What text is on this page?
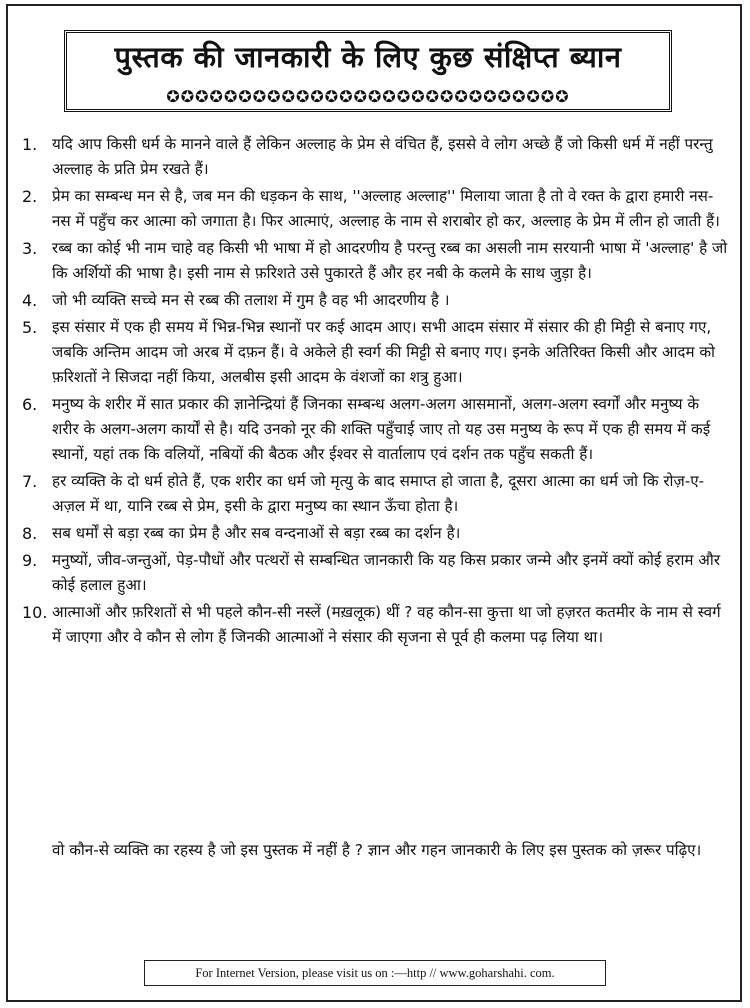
पुस्तक की जानकारी के लिए कुछ संक्षिप्त ब्यान
✪✪✪✪✪✪✪✪✪✪✪✪✪✪✪✪✪✪✪✪✪✪✪✪✪✪✪✪
1. यदि आप किसी धर्म के मानने वाले हैं लेकिन अल्लाह के प्रेम से वंचित हैं, इससे वे लोग अच्छे हैं जो किसी धर्म में नहीं परन्तु अल्लाह के प्रति प्रेम रखते हैं।
2. प्रेम का सम्बन्ध मन से है, जब मन की धड़कन के साथ, ''अल्लाह अल्लाह'' मिलाया जाता है तो वे रक्त के द्वारा हमारी नस-नस में पहुँच कर आत्मा को जगाता है। फिर आत्माएं, अल्लाह के नाम से शराबोर हो कर, अल्लाह के प्रेम में लीन हो जाती हैं।
3. रब्ब का कोई भी नाम चाहे वह किसी भी भाषा में हो आदरणीय है परन्तु रब्ब का असली नाम सरयानी भाषा में 'अल्लाह' है जो कि अर्शियों की भाषा है। इसी नाम से फ़रिशते उसे पुकारते हैं और हर नबी के कलमे के साथ जुड़ा है।
4. जो भी व्यक्ति सच्चे मन से रब्ब की तलाश में गुम है वह भी आदरणीय है ।
5. इस संसार में एक ही समय में भिन्न-भिन्न स्थानों पर कई आदम आए। सभी आदम संसार में संसार की ही मिट्टी से बनाए गए, जबकि अन्तिम आदम जो अरब में दफ़न हैं। वे अकेले ही स्वर्ग की मिट्टी से बनाए गए। इनके अतिरिक्त किसी और आदम को फ़रिशतों ने सिजदा नहीं किया, अलबीस इसी आदम के वंशजों का शत्रु हुआ।
6. मनुष्य के शरीर में सात प्रकार की ज्ञानेन्द्रियां हैं जिनका सम्बन्ध अलग-अलग आसमानों, अलग-अलग स्वर्गों और मनुष्य के शरीर के अलग-अलग कार्यों से है। यदि उनको नूर की शक्ति पहुँचाई जाए तो यह उस मनुष्य के रूप में एक ही समय में कई स्थानों, यहां तक कि वलियों, नबियों की बैठक और ईश्वर से वार्तालाप एवं दर्शन तक पहुँच सकती हैं।
7. हर व्यक्ति के दो धर्म होते हैं, एक शरीर का धर्म जो मृत्यु के बाद समाप्त हो जाता है, दूसरा आत्मा का धर्म जो कि रोज़-ए-अज़ल में था, यानि रब्ब से प्रेम, इसी के द्वारा मनुष्य का स्थान ऊँचा होता है।
8. सब धर्मों से बड़ा रब्ब का प्रेम है और सब वन्दनाओं से बड़ा रब्ब का दर्शन है।
9. मनुष्यों, जीव-जन्तुओं, पेड़-पौधों और पत्थरों से सम्बन्धित जानकारी कि यह किस प्रकार जन्मे और इनमें क्यों कोई हराम और कोई हलाल हुआ।
10. आत्माओं और फ़रिशतों से भी पहले कौन-सी नस्लें (मख़लूक) थीं ? वह कौन-सा कुत्ता था जो हज़रत कतमीर के नाम से स्वर्ग में जाएगा और वे कौन से लोग हैं जिनकी आत्माओं ने संसार की सृजना से पूर्व ही कलमा पढ़ लिया था।
वो कौन-से व्यक्ति का रहस्य है जो इस पुस्तक में नहीं है ? ज्ञान और गहन जानकारी के लिए इस पुस्तक को ज़रूर पढ़िए।
For Internet Version, please visit us on :—http // www.goharshahi. com.
